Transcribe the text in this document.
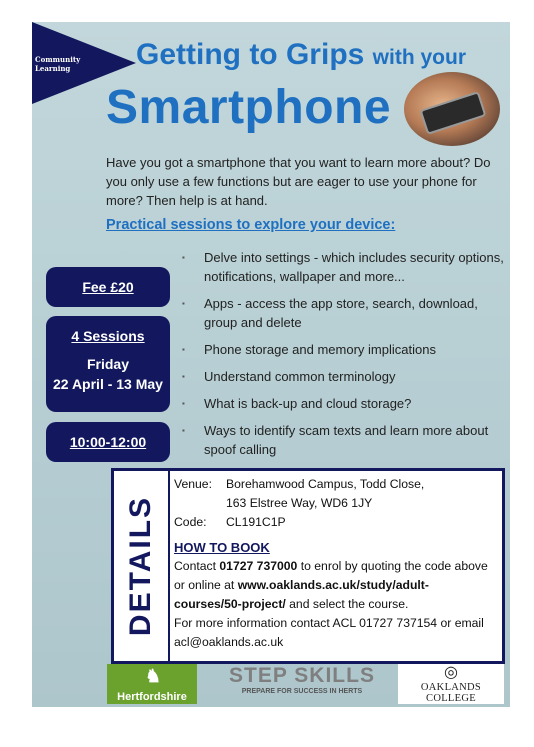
Community
Learning	Getting to Grips with your
Smartphone
Have you got a smartphone that you want to learn more about? Do you only use a few functions but are eager to use your phone for more? Then help is at hand.
Practical sessions to explore your device:
▪ Delve into settings - which includes security options, notifications, wallpaper and more...
▪ Apps - access the app store, search, download, group and delete
▪ Phone storage and memory implications
▪ Understand common terminology
▪ What is back-up and cloud storage?
▪ Ways to identify scam texts and learn more about spoof calling
Fee £20
4 Sessions
Friday
22 April - 13 May
10:00-12:00
DETAILS
Venue:	Borehamwood Campus, Todd Close,
163 Elstree Way, WD6 1JY
Code:	CL191C1P
HOW TO BOOK
Contact 01727 737000 to enrol by quoting the code above or online at www.oaklands.ac.uk/study/adult-courses/50-project/ and select the course.
For more information contact ACL 01727 737154 or email acl@oaklands.ac.uk
♞
Hertfordshire
STEP SKILLS
PREPARE FOR SUCCESS IN HERTS
◎
OAKLANDS COLLEGE
